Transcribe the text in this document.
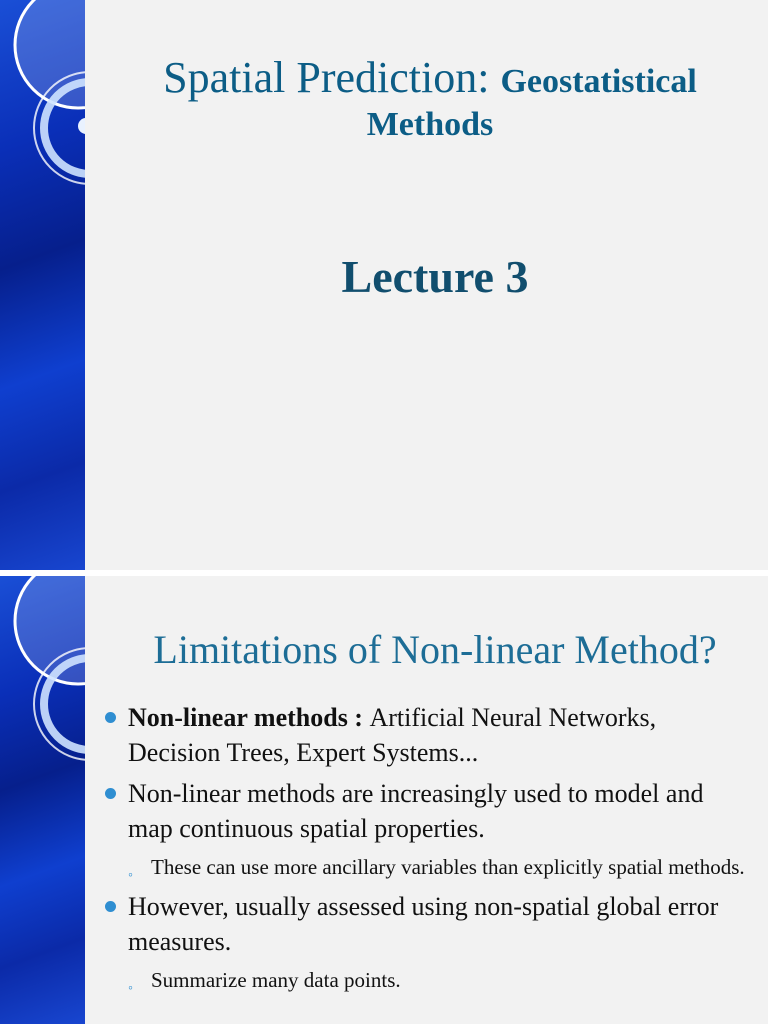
Spatial Prediction: Geostatistical
Methods
Lecture 3
Limitations of Non-linear Method?
Non-linear methods : Artificial Neural Networks, Decision Trees, Expert Systems...
Non-linear methods are increasingly used to model and map continuous spatial properties.
◦ These can use more ancillary variables than explicitly spatial methods.
However, usually assessed using non-spatial global error measures.
◦ Summarize many data points.
